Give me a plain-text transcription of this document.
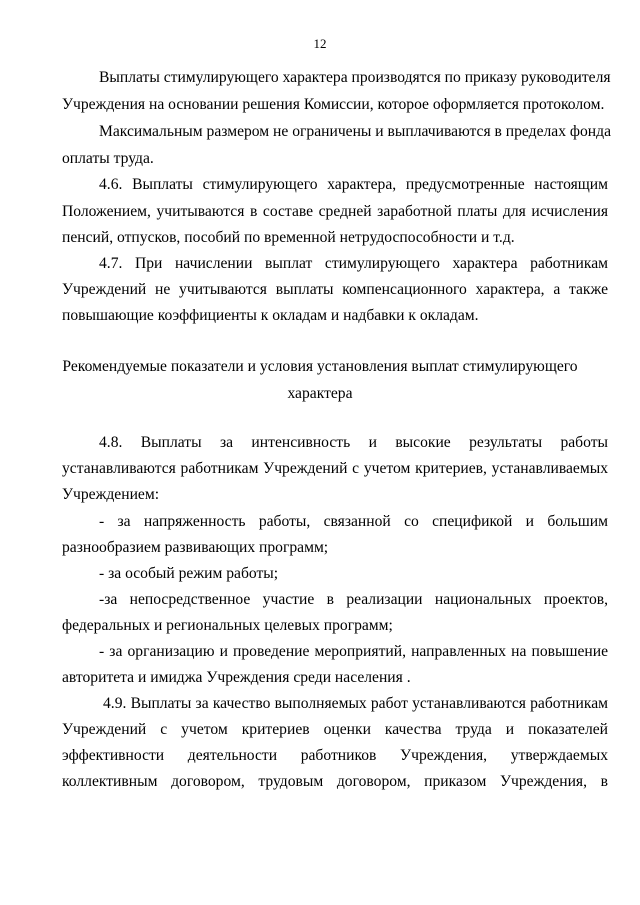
12
Выплаты стимулирующего характера производятся по приказу руководителя
Учреждения на основании решения Комиссии, которое оформляется протоколом.
Максимальным размером не ограничены и выплачиваются в пределах фонда
оплаты труда.
4.6. Выплаты стимулирующего характера, предусмотренные настоящим
Положением, учитываются в составе средней заработной платы для исчисления
пенсий, отпусков, пособий по временной нетрудоспособности и т.д.
4.7. При начислении выплат стимулирующего характера работникам
Учреждений не учитываются выплаты компенсационного характера, а также
повышающие коэффициенты к окладам и надбавки к окладам.
Рекомендуемые показатели и условия установления выплат стимулирующего
характера
4.8. Выплаты за интенсивность и высокие результаты работы
устанавливаются работникам Учреждений с учетом критериев, устанавливаемых
Учреждением:
- за напряженность работы, связанной со спецификой и большим
разнообразием развивающих программ;
- за особый режим работы;
-за непосредственное участие в реализации национальных проектов,
федеральных и региональных целевых программ;
- за организацию и проведение мероприятий, направленных на повышение
авторитета и имиджа Учреждения среди населения .
4.9. Выплаты за качество выполняемых работ устанавливаются работникам
Учреждений с учетом критериев оценки качества труда и показателей
эффективности деятельности работников Учреждения, утверждаемых
коллективным договором, трудовым договором, приказом Учреждения, в
